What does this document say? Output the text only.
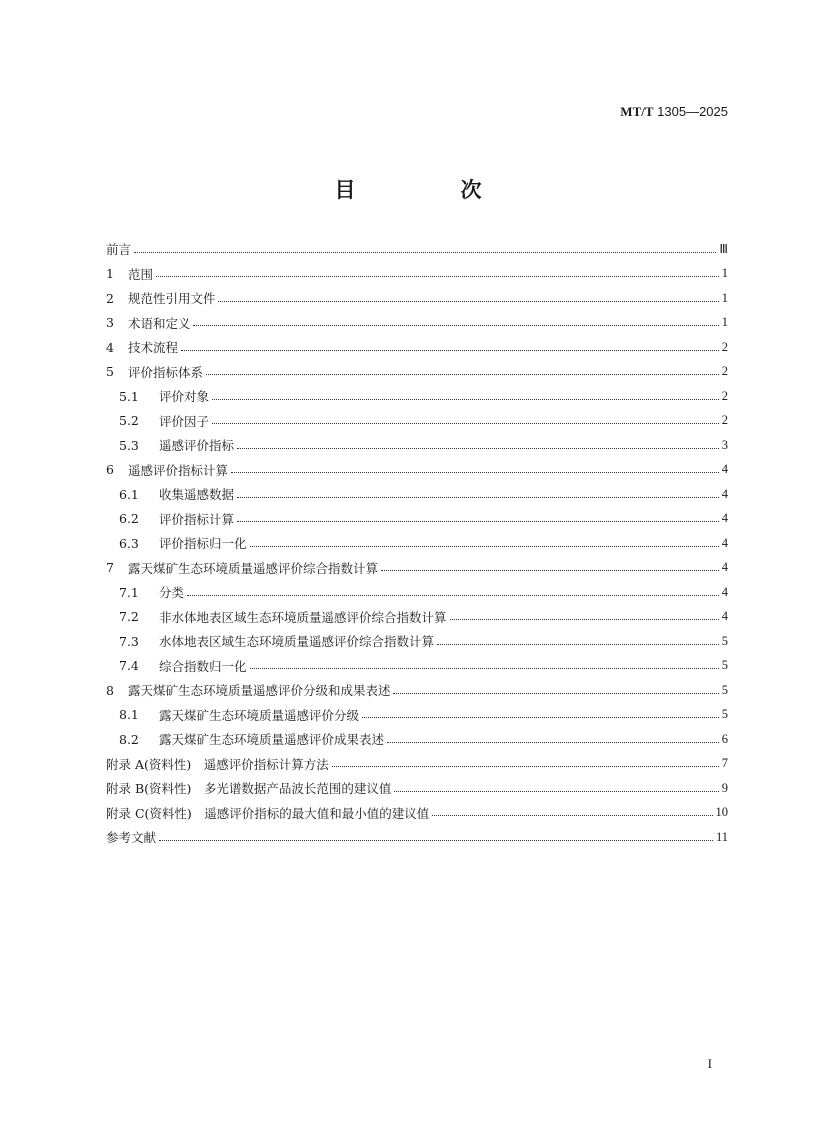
MT/T 1305—2025
目　次
前言	Ⅲ
1 范围	1
2 规范性引用文件	1
3 术语和定义	1
4 技术流程	2
5 评价指标体系	2
5.1	评价对象	2
5.2	评价因子	2
5.3	遥感评价指标	3
6 遥感评价指标计算	4
6.1	收集遥感数据	4
6.2	评价指标计算	4
6.3	评价指标归一化	4
7 露天煤矿生态环境质量遥感评价综合指数计算	4
7.1	分类	4
7.2	非水体地表区域生态环境质量遥感评价综合指数计算	4
7.3	水体地表区域生态环境质量遥感评价综合指数计算	5
7.4	综合指数归一化	5
8 露天煤矿生态环境质量遥感评价分级和成果表述	5
8.1	露天煤矿生态环境质量遥感评价分级	5
8.2	露天煤矿生态环境质量遥感评价成果表述	6
附录 A(资料性)　遥感评价指标计算方法	7
附录 B(资料性)　多光谱数据产品波长范围的建议值	9
附录 C(资料性)　遥感评价指标的最大值和最小值的建议值	10
参考文献	11
I
